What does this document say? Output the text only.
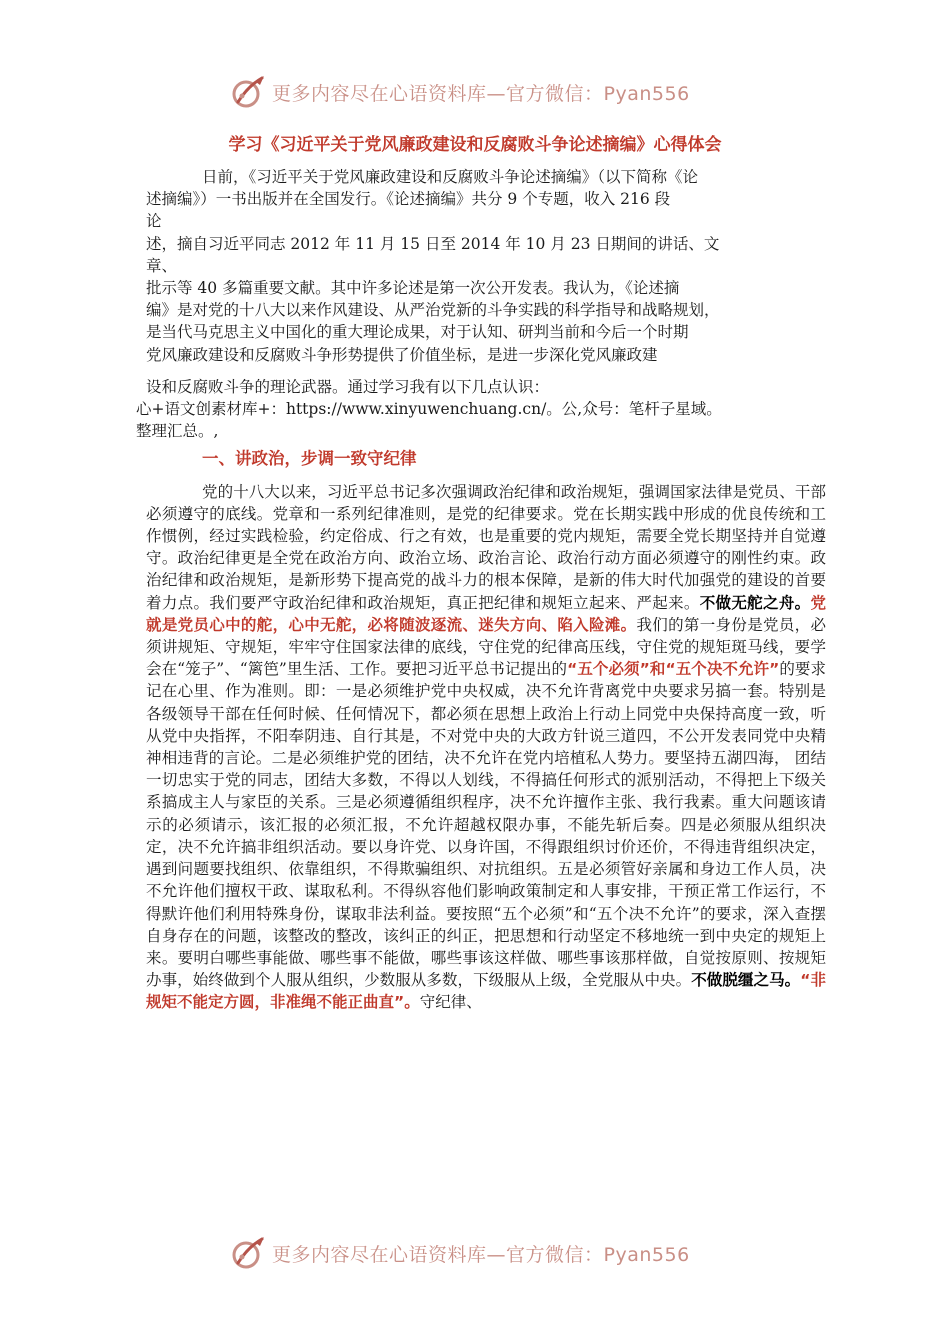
更多内容尽在心语资料库—官方微信：Pyan556
学习《习近平关于党风廉政建设和反腐败斗争论述摘编》心得体会
日前，《习近平关于党风廉政建设和反腐败斗争论述摘编》（以下简称《论
述摘编》）一书出版并在全国发行。《论述摘编》共分 9 个专题，收入 216 段
论
述，摘自习近平同志 2012 年 11 月 15 日至 2014 年 10 月 23 日期间的讲话、文
章、
批示等 40 多篇重要文献。其中许多论述是第一次公开发表。我认为，《论述摘
编》是对党的十八大以来作风建设、从严治党新的斗争实践的科学指导和战略规划，
是当代马克思主义中国化的重大理论成果，对于认知、研判当前和今后一个时期
党风廉政建设和反腐败斗争形势提供了价值坐标，是进一步深化党风廉政建
设和反腐败斗争的理论武器。通过学习我有以下几点认识：
心+语文创素材库+：https://www.xinyuwenchuang.cn/。公,众号：笔杆子星域。
整理汇总。,
一、讲政治，步调一致守纪律

党的十八大以来，习近平总书记多次强调政治纪律和政治规矩，强调国家法律是党员、干部必须遵守的底线。党章和一系列纪律准则，是党的纪律要求。党在长期实践中形成的优良传统和工作惯例，经过实践检验，约定俗成、行之有效，也是重要的党内规矩，需要全党长期坚持并自觉遵守。政治纪律更是全党在政治方向、政治立场、政治言论、政治行动方面必须遵守的刚性约束。政治纪律和政治规矩，是新形势下提高党的战斗力的根本保障，是新的伟大时代加强党的建设的首要着力点。我们要严守政治纪律和政治规矩，真正把纪律和规矩立起来、严起来。不做无舵之舟。党就是党员心中的舵，心中无舵，必将随波逐流、迷失方向、陷入险滩。我们的第一身份是党员，必须讲规矩、守规矩，牢牢守住国家法律的底线，守住党的纪律高压线，守住党的规矩斑马线，要学会在“笼子”、“篱笆”里生活、工作。要把习近平总书记提出的“五个必须”和“五个决不允许”的要求记在心里、作为准则。即：一是必须维护党中央权威，决不允许背离党中央要求另搞一套。特别是各级领导干部在任何时候、任何情况下，都必须在思想上政治上行动上同党中央保持高度一致，听从党中央指挥，不阳奉阴违、自行其是，不对党中央的大政方针说三道四，不公开发表同党中央精神相违背的言论。二是必须维护党的团结，决不允许在党内培植私人势力。要坚持五湖四海， 团结一切忠实于党的同志，团结大多数，不得以人划线，不得搞任何形式的派别活动，不得把上下级关系搞成主人与家臣的关系。三是必须遵循组织程序，决不允许擅作主张、我行我素。重大问题该请示的必须请示，该汇报的必须汇报，不允许超越权限办事，不能先斩后奏。四是必须服从组织决定，决不允许搞非组织活动。要以身许党、以身许国，不得跟组织讨价还价，不得违背组织决定，遇到问题要找组织、依靠组织，不得欺骗组织、对抗组织。五是必须管好亲属和身边工作人员，决不允许他们擅权干政、谋取私利。不得纵容他们影响政策制定和人事安排，干预正常工作运行，不得默许他们利用特殊身份，谋取非法利益。要按照“五个必须”和“五个决不允许”的要求，深入查摆自身存在的问题，该整改的整改，该纠正的纠正，把思想和行动坚定不移地统一到中央定的规矩上来。要明白哪些事能做、哪些事不能做，哪些事该这样做、哪些事该那样做，自觉按原则、按规矩办事，始终做到个人服从组织，少数服从多数，下级服从上级，全党服从中央。不做脱缰之马。“非规矩不能定方圆，非准绳不能正曲直”。守纪律、

更多内容尽在心语资料库—官方微信：Pyan556
